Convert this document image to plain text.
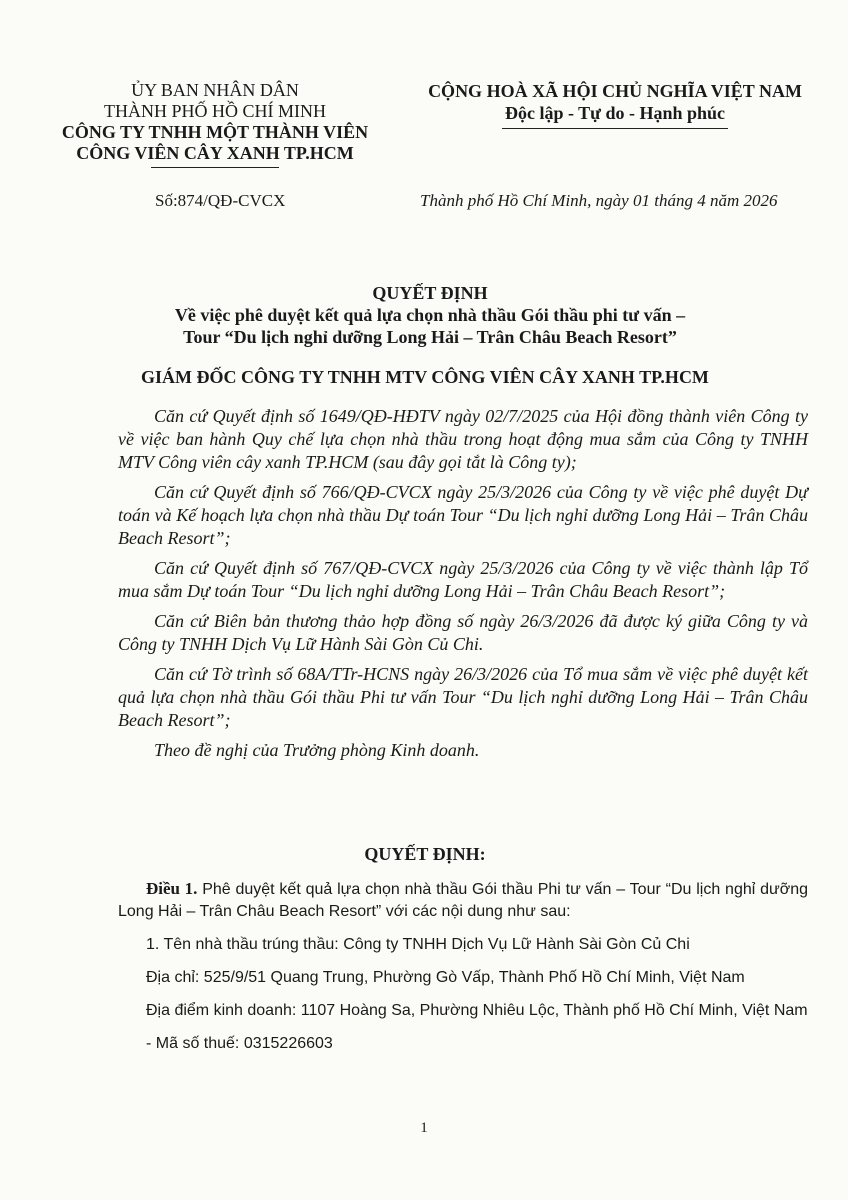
ỦY BAN NHÂN DÂN
THÀNH PHỐ HỒ CHÍ MINH
CÔNG TY TNHH MỘT THÀNH VIÊN
CÔNG VIÊN CÂY XANH TP.HCM
CỘNG HOÀ XÃ HỘI CHỦ NGHĨA VIỆT NAM
Độc lập - Tự do - Hạnh phúc
Số:874/QĐ-CVCX	Thành phố Hồ Chí Minh, ngày 01 tháng 4 năm 2026
QUYẾT ĐỊNH
Về việc phê duyệt kết quả lựa chọn nhà thầu Gói thầu phi tư vấn –
Tour “Du lịch nghỉ dưỡng Long Hải – Trân Châu Beach Resort”
GIÁM ĐỐC CÔNG TY TNHH MTV CÔNG VIÊN CÂY XANH TP.HCM

Căn cứ Quyết định số 1649/QĐ-HĐTV ngày 02/7/2025 của Hội đồng thành viên Công ty về việc ban hành Quy chế lựa chọn nhà thầu trong hoạt động mua sắm của Công ty TNHH MTV Công viên cây xanh TP.HCM (sau đây gọi tắt là Công ty);

Căn cứ Quyết định số 766/QĐ-CVCX ngày 25/3/2026 của Công ty về việc phê duyệt Dự toán và Kế hoạch lựa chọn nhà thầu Dự toán Tour “Du lịch nghỉ dưỡng Long Hải – Trân Châu Beach Resort”;

Căn cứ Quyết định số 767/QĐ-CVCX ngày 25/3/2026 của Công ty về việc thành lập Tổ mua sắm Dự toán Tour “Du lịch nghỉ dưỡng Long Hải – Trân Châu Beach Resort”;

Căn cứ Biên bản thương thảo hợp đồng số ngày 26/3/2026 đã được ký giữa Công ty và Công ty TNHH Dịch Vụ Lữ Hành Sài Gòn Củ Chi.

Căn cứ Tờ trình số 68A/TTr-HCNS ngày 26/3/2026 của Tổ mua sắm về việc phê duyệt kết quả lựa chọn nhà thầu Gói thầu Phi tư vấn Tour “Du lịch nghỉ dưỡng Long Hải – Trân Châu Beach Resort”;

Theo đề nghị của Trưởng phòng Kinh doanh.

QUYẾT ĐỊNH:

Điều 1. Phê duyệt kết quả lựa chọn nhà thầu Gói thầu Phi tư vấn – Tour “Du lịch nghỉ dưỡng Long Hải – Trân Châu Beach Resort” với các nội dung như sau:

1. Tên nhà thầu trúng thầu: Công ty TNHH Dịch Vụ Lữ Hành Sài Gòn Củ Chi

Địa chỉ: 525/9/51 Quang Trung, Phường Gò Vấp, Thành Phố Hồ Chí Minh, Việt Nam

Địa điểm kinh doanh: 1107 Hoàng Sa, Phường Nhiêu Lộc, Thành phố Hồ Chí Minh, Việt Nam

- Mã số thuế: 0315226603

1
